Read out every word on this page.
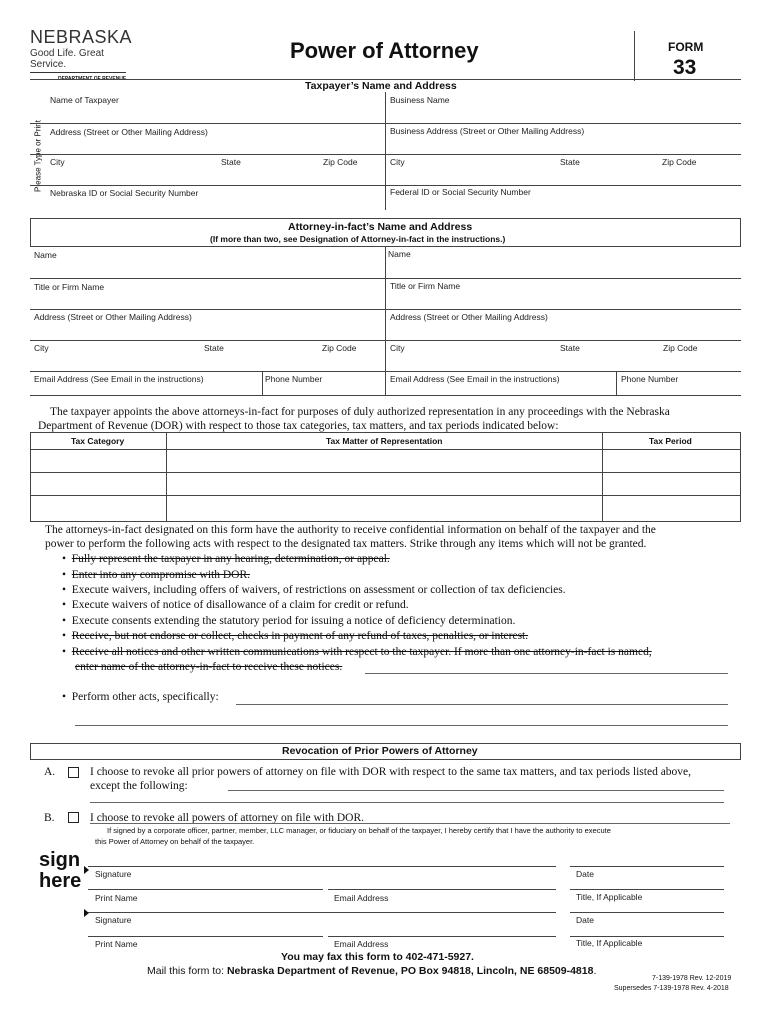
NEBRASKA
Good Life. Great Service.
DEPARTMENT OF REVENUE
Power of Attorney	FORM
33
Taxpayer’s Name and Address
Please Type or Print
Name of Taxpayer	Business Name
Address (Street or Other Mailing Address)	Business Address (Street or Other Mailing Address)
City	State	Zip Code	City	State	Zip Code
Nebraska ID or Social Security Number	Federal ID or Social Security Number
Attorney-in-fact’s Name and Address
(If more than two, see Designation of Attorney-in-fact in the instructions.)
Name	Name
Title or Firm Name	Title or Firm Name
Address (Street or Other Mailing Address)	Address (Street or Other Mailing Address)
City	State	Zip Code	City	State	Zip Code
Email Address (See Email in the instructions)	Phone Number	Email Address (See Email in the instructions)	Phone Number
The taxpayer appoints the above attorneys-in-fact for purposes of duly authorized representation in any proceedings with the Nebraska
Department of Revenue (DOR) with respect to those tax categories, tax matters, and tax periods indicated below:
Tax Category	Tax Matter of Representation	Tax Period
The attorneys-in-fact designated on this form have the authority to receive confidential information on behalf of the taxpayer and the
power to perform the following acts with respect to the designated tax matters. Strike through any items which will not be granted.
• Fully represent the taxpayer in any hearing, determination, or appeal.
• Enter into any compromise with DOR.
• Execute waivers, including offers of waivers, of restrictions on assessment or collection of tax deficiencies.
• Execute waivers of notice of disallowance of a claim for credit or refund.
• Execute consents extending the statutory period for issuing a notice of deficiency determination.
• Receive, but not endorse or collect, checks in payment of any refund of taxes, penalties, or interest.
• Receive all notices and other written communications with respect to the taxpayer. If more than one attorney-in-fact is named,
enter name of the attorney-in-fact to receive these notices.
• Perform other acts, specifically:
Revocation of Prior Powers of Attorney
A.	I choose to revoke all prior powers of attorney on file with DOR with respect to the same tax matters, and tax periods listed above,
except the following:
B.	I choose to revoke all powers of attorney on file with DOR.
If signed by a corporate officer, partner, member, LLC manager, or fiduciary on behalf of the taxpayer, I hereby certify that I have the authority to execute
this Power of Attorney on behalf of the taxpayer.
sign
here Signature	Date
Print Name	Email Address	Title, If Applicable
Signature	Date
Print Name	Email Address	Title, If Applicable
You may fax this form to 402-471-5927.
Mail this form to: Nebraska Department of Revenue, PO Box 94818, Lincoln, NE 68509-4818.
7-139-1978 Rev. 12-2019
Supersedes 7-139-1978 Rev. 4-2018
